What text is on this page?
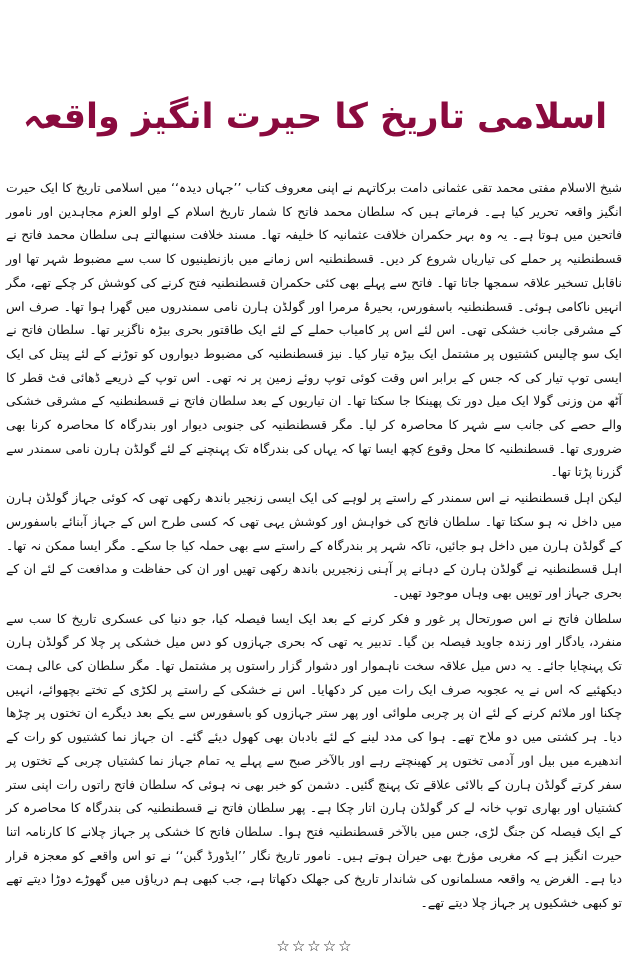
اسلامی تاریخ کا حیرت انگیز واقعہ

شیخ الاسلام مفتی محمد تقی عثمانی دامت برکاتہم نے اپنی معروف کتاب ’’جہاں دیدہ‘‘ میں اسلامی تاریخ کا ایک حیرت انگیز واقعہ تحریر کیا ہے۔ فرماتے ہیں کہ سلطان محمد فاتح کا شمار تاریخ اسلام کے اولو العزم مجاہدین اور نامور فاتحین میں ہوتا ہے۔ یہ وہ بہر حکمران خلافت عثمانیہ کا خلیفہ تھا۔ مسند خلافت سنبھالتے ہی سلطان محمد فاتح نے قسطنطنیہ پر حملے کی تیاریاں شروع کر دیں۔ قسطنطنیہ اس زمانے میں بازنطینیوں کا سب سے مضبوط شہر تھا اور ناقابل تسخیر علاقہ سمجھا جاتا تھا۔ فاتح سے پہلے بھی کئی حکمران قسطنطنیہ فتح کرنے کی کوشش کر چکے تھے، مگر انہیں ناکامی ہوئی۔ قسطنطنیہ باسفورس، بحیرۂ مرمرا اور گولڈن ہارن نامی سمندروں میں گھرا ہوا تھا۔ صرف اس کے مشرقی جانب خشکی تھی۔ اس لئے اس پر کامیاب حملے کے لئے ایک طاقتور بحری بیڑہ ناگزیر تھا۔ سلطان فاتح نے ایک سو چالیس کشتیوں پر مشتمل ایک بیڑہ تیار کیا۔ نیز قسطنطنیہ کی مضبوط دیواروں کو توڑنے کے لئے پیتل کی ایک ایسی توپ تیار کی کہ جس کے برابر اس وقت کوئی توپ روئے زمین پر نہ تھی۔ اس توپ کے ذریعے ڈھائی فٹ قطر کا آٹھ من وزنی گولا ایک میل دور تک پھینکا جا سکتا تھا۔ ان تیاریوں کے بعد سلطان فاتح نے قسطنطنیہ کے مشرقی خشکی والے حصے کی جانب سے شہر کا محاصرہ کر لیا۔ مگر قسطنطنیہ کی جنوبی دیوار اور بندرگاہ کا محاصرہ کرنا بھی ضروری تھا۔ قسطنطنیہ کا محل وقوع کچھ ایسا تھا کہ یہاں کی بندرگاہ تک پہنچنے کے لئے گولڈن ہارن نامی سمندر سے گزرنا پڑتا تھا۔

لیکن اہل قسطنطنیہ نے اس سمندر کے راستے پر لوہے کی ایک ایسی زنجیر باندھ رکھی تھی کہ کوئی جہاز گولڈن ہارن میں داخل نہ ہو سکتا تھا۔ سلطان فاتح کی خواہش اور کوشش یہی تھی کہ کسی طرح اس کے جہاز آبنائے باسفورس کے گولڈن ہارن میں داخل ہو جائیں، تاکہ شہر پر بندرگاہ کے راستے سے بھی حملہ کیا جا سکے۔ مگر ایسا ممکن نہ تھا۔ اہل قسطنطنیہ نے گولڈن ہارن کے دہانے پر آہنی زنجیریں باندھ رکھی تھیں اور ان کی حفاظت و مدافعت کے لئے ان کے بحری جہاز اور توپیں بھی وہاں موجود تھیں۔

سلطان فاتح نے اس صورتحال پر غور و فکر کرنے کے بعد ایک ایسا فیصلہ کیا، جو دنیا کی عسکری تاریخ کا سب سے منفرد، یادگار اور زندہ جاوید فیصلہ بن گیا۔ تدبیر یہ تھی کہ بحری جہازوں کو دس میل خشکی پر چلا کر گولڈن ہارن تک پہنچایا جائے۔ یہ دس میل علاقہ سخت ناہموار اور دشوار گزار راستوں پر مشتمل تھا۔ مگر سلطان کی عالی ہمت دیکھئیے کہ اس نے یہ عجوبہ صرف ایک رات میں کر دکھایا۔ اس نے خشکی کے راستے پر لکڑی کے تختے بچھوائے، انہیں چکنا اور ملائم کرنے کے لئے ان پر چربی ملوائی اور پھر ستر جہازوں کو باسفورس سے یکے بعد دیگرے ان تختوں پر چڑھا دیا۔ ہر کشتی میں دو ملاح تھے۔ ہوا کی مدد لینے کے لئے بادبان بھی کھول دیئے گئے۔ ان جہاز نما کشتیوں کو رات کے اندھیرے میں بیل اور آدمی تختوں پر کھینچتے رہے اور بالآخر صبح سے پہلے یہ تمام جہاز نما کشتیاں چربی کے تختوں پر سفر کرتے گولڈن ہارن کے بالائی علاقے تک پہنچ گئیں۔ دشمن کو خبر بھی نہ ہوئی کہ سلطان فاتح راتوں رات اپنی ستر کشتیاں اور بھاری توپ خانہ لے کر گولڈن ہارن اتار چکا ہے۔ پھر سلطان فاتح نے قسطنطنیہ کی بندرگاہ کا محاصرہ کر کے ایک فیصلہ کن جنگ لڑی، جس میں بالآخر قسطنطنیہ فتح ہوا۔ سلطان فاتح کا خشکی پر جہاز چلانے کا کارنامہ اتنا حیرت انگیز ہے کہ مغربی مؤرخ بھی حیران ہوتے ہیں۔ نامور تاریخ نگار ’’ایڈورڈ گبن‘‘ نے تو اس واقعے کو معجزہ قرار دیا ہے۔ الغرض یہ واقعہ مسلمانوں کی شاندار تاریخ کی جھلک دکھاتا ہے، جب کبھی ہم دریاؤں میں گھوڑے دوڑا دیتے تھے تو کبھی خشکیوں پر جہاز چلا دیتے تھے۔

☆☆☆☆☆
